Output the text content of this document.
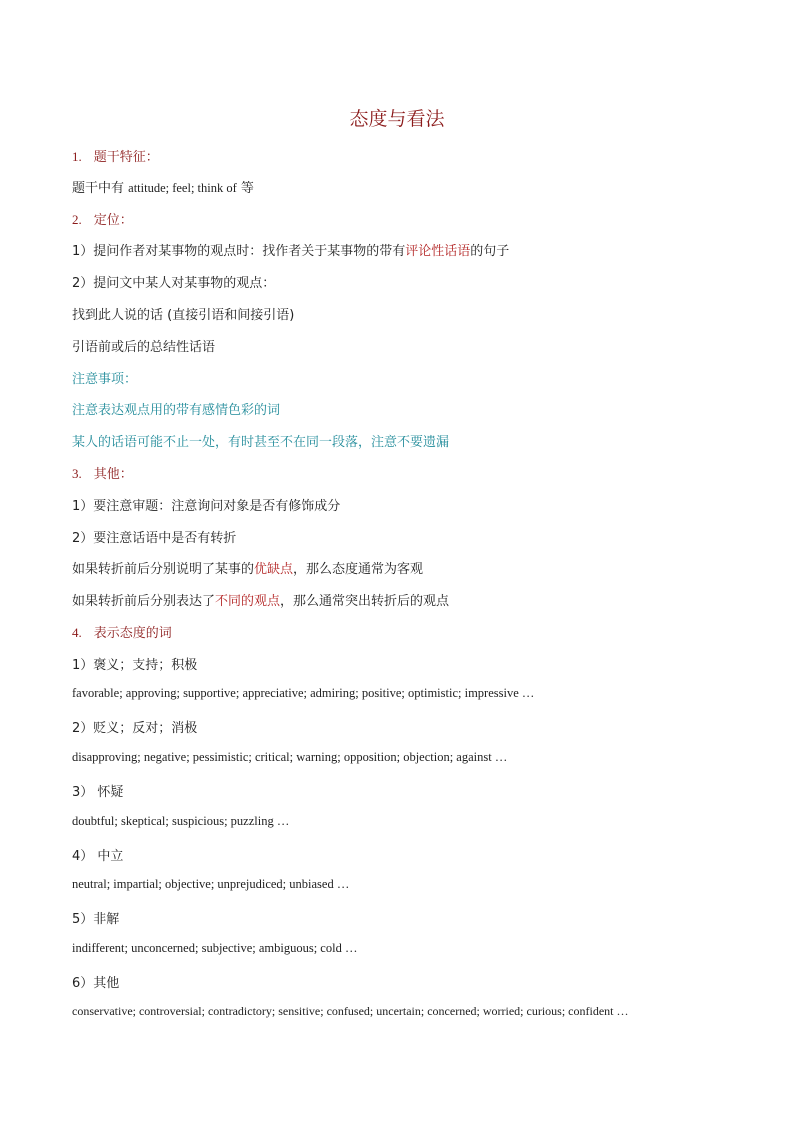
态度与看法
1. 题干特征：
题干中有 attitude; feel; think of 等
2. 定位：
1）提问作者对某事物的观点时：找作者关于某事物的带有评论性话语的句子
2）提问文中某人对某事物的观点：
找到此人说的话 (直接引语和间接引语)
引语前或后的总结性话语
注意事项：
注意表达观点用的带有感情色彩的词
某人的话语可能不止一处，有时甚至不在同一段落，注意不要遗漏
3. 其他：
1）要注意审题：注意询问对象是否有修饰成分
2）要注意话语中是否有转折
如果转折前后分别说明了某事的优缺点，那么态度通常为客观
如果转折前后分别表达了不同的观点，那么通常突出转折后的观点
4. 表示态度的词
1）褒义；支持；积极
favorable; approving; supportive; appreciative; admiring; positive; optimistic; impressive …
2）贬义；反对；消极
disapproving; negative; pessimistic; critical; warning; opposition; objection; against …
3） 怀疑
doubtful; skeptical; suspicious; puzzling …
4） 中立
neutral; impartial; objective; unprejudiced; unbiased …
5）非解
indifferent; unconcerned; subjective; ambiguous; cold …
6）其他
conservative; controversial; contradictory; sensitive; confused; uncertain; concerned; worried; curious; confident …
